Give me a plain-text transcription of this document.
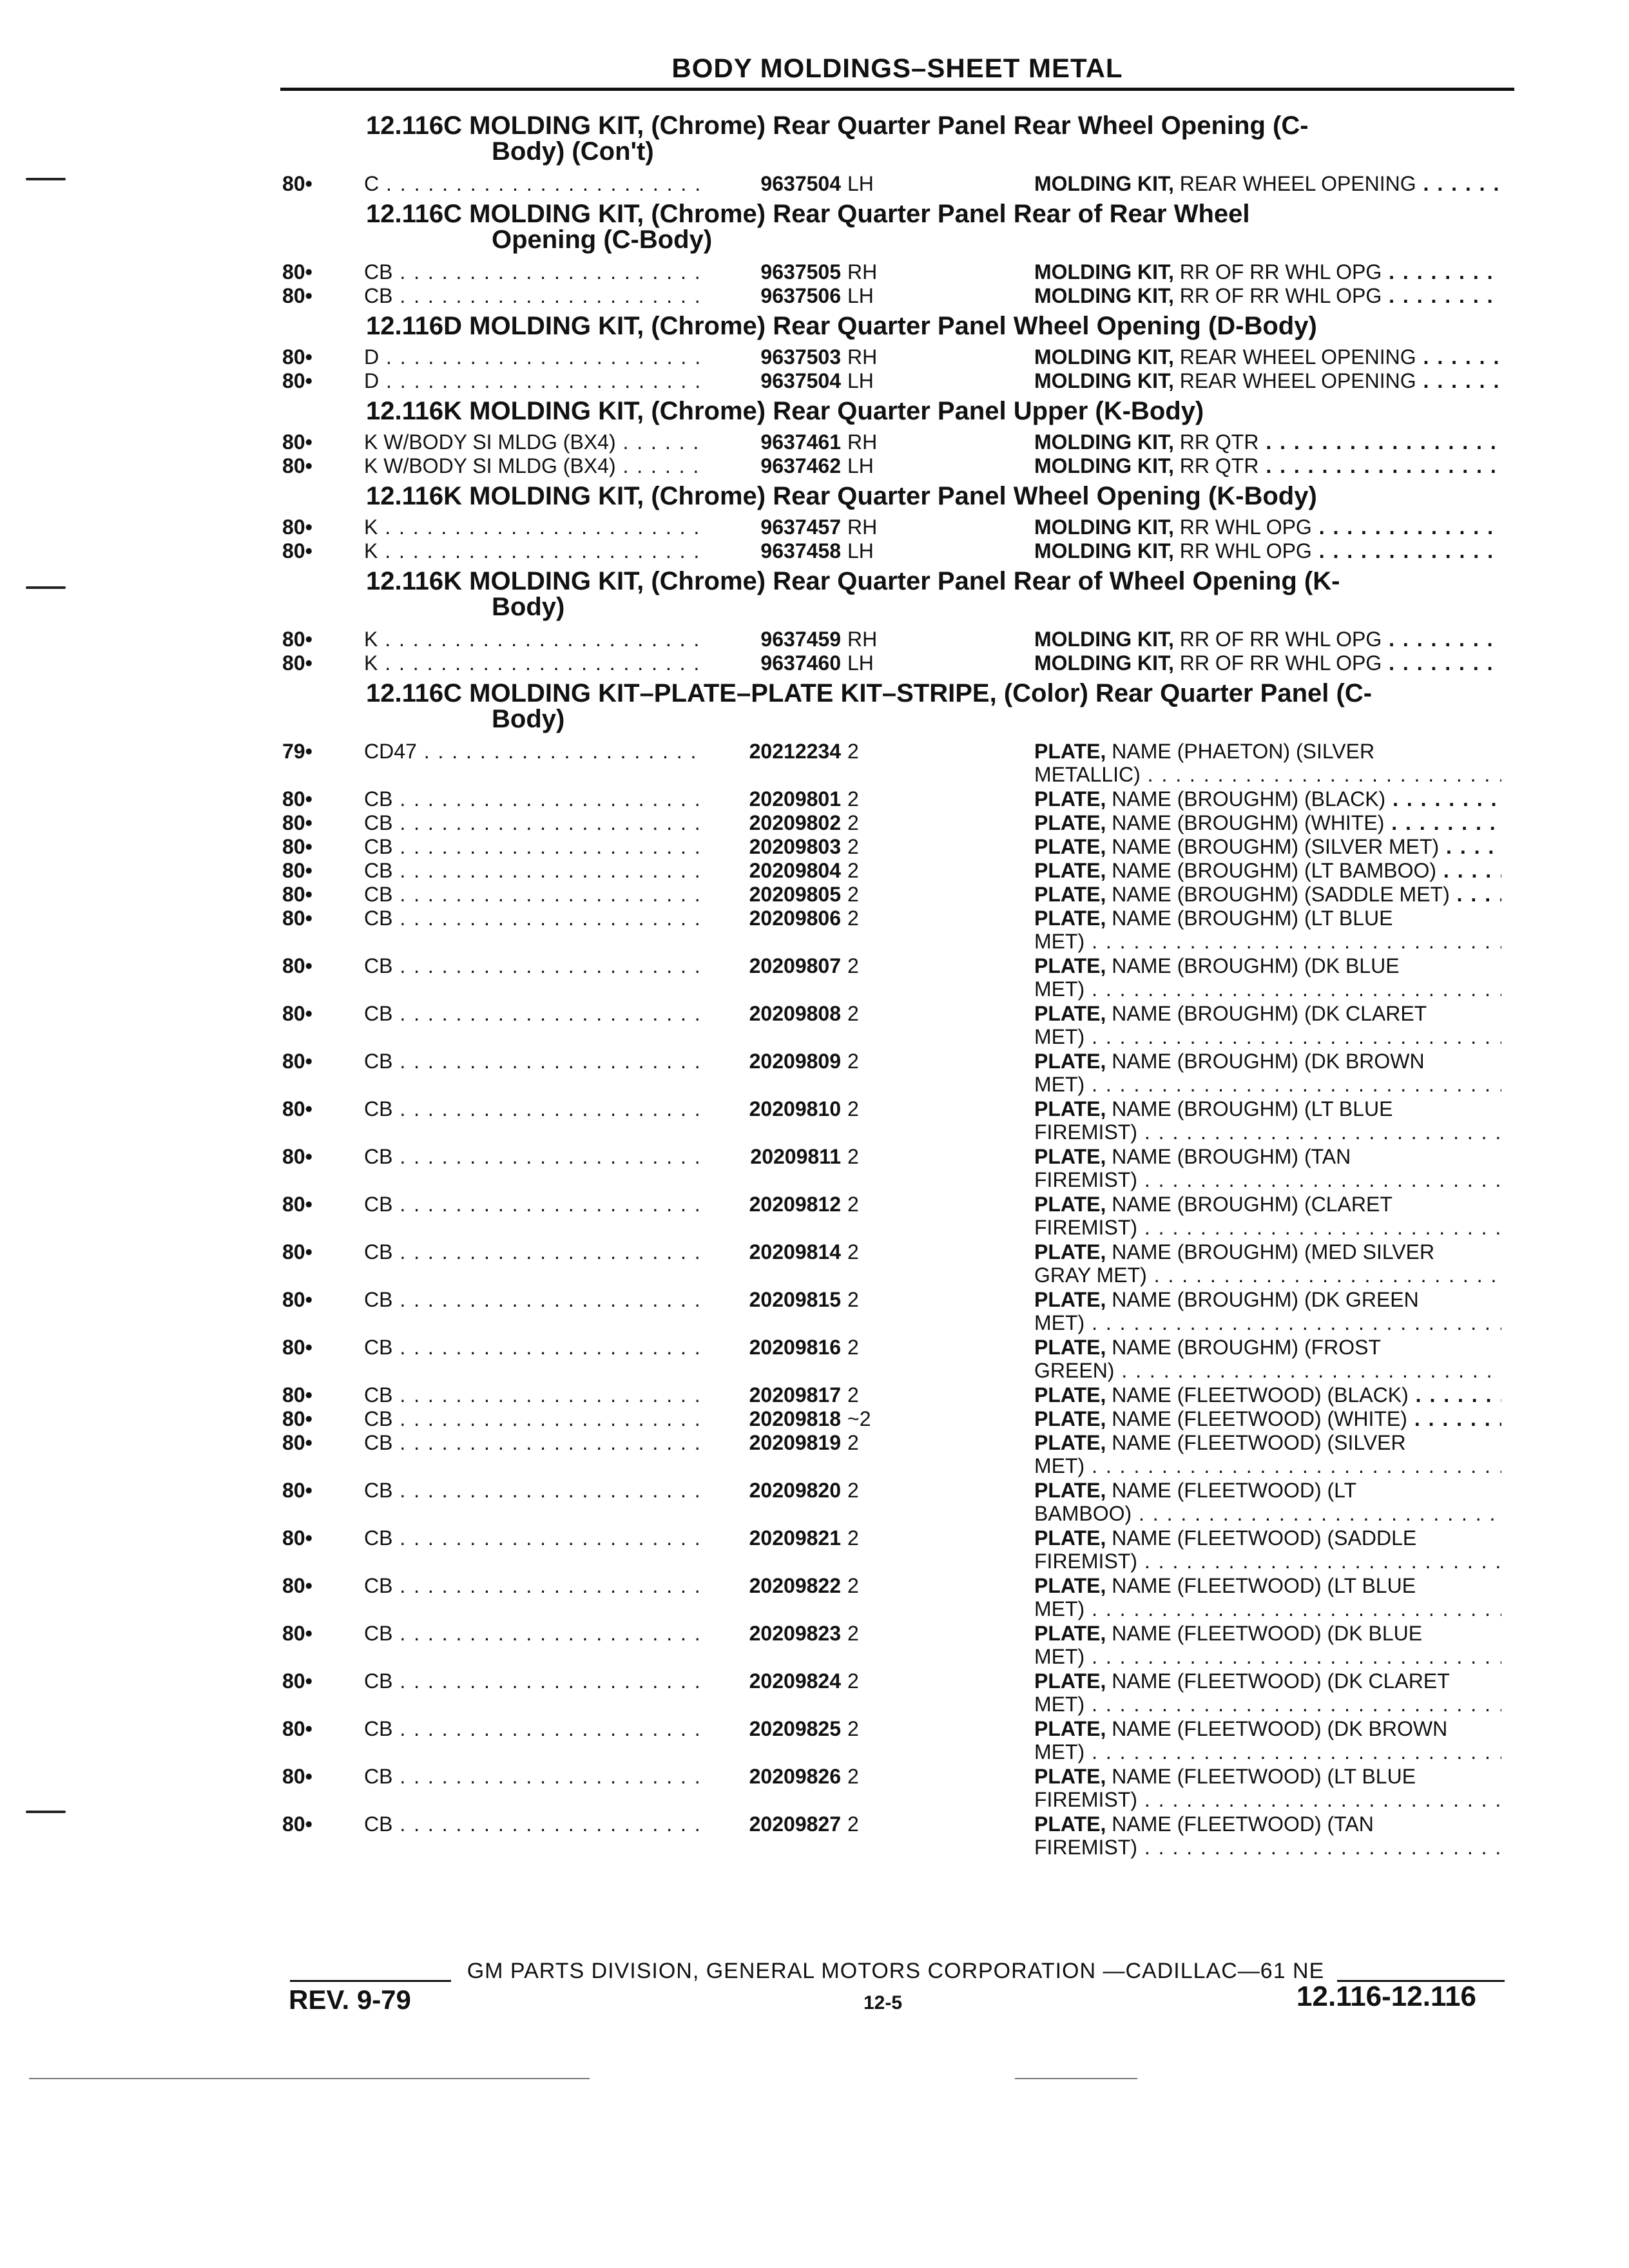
BODY MOLDINGS–SHEET METAL
12.116C MOLDING KIT, (Chrome) Rear Quarter Panel Rear Wheel Opening (C-
Body) (Con't)
80•	C . . .	9637504 LH	MOLDING KIT, REAR WHEEL OPENING . . .
12.116C MOLDING KIT, (Chrome) Rear Quarter Panel Rear of Rear Wheel
Opening (C-Body)
80•	CB . . .	9637505 RH	MOLDING KIT, RR OF RR WHL OPG . . .
80•	CB . . .	9637506 LH	MOLDING KIT, RR OF RR WHL OPG . . .
12.116D MOLDING KIT, (Chrome) Rear Quarter Panel Wheel Opening (D-Body)
80•	D . . .	9637503 RH	MOLDING KIT, REAR WHEEL OPENING . . .
80•	D . . .	9637504 LH	MOLDING KIT, REAR WHEEL OPENING . . .
12.116K MOLDING KIT, (Chrome) Rear Quarter Panel Upper (K-Body)
80•	K W/BODY SI MLDG (BX4) . . .	9637461 RH	MOLDING KIT, RR QTR . . .
80•	K W/BODY SI MLDG (BX4) . . .	9637462 LH	MOLDING KIT, RR QTR . . .
12.116K MOLDING KIT, (Chrome) Rear Quarter Panel Wheel Opening (K-Body)
80•	K . . .	9637457 RH	MOLDING KIT, RR WHL OPG . . .
80•	K . . .	9637458 LH	MOLDING KIT, RR WHL OPG . . .
12.116K MOLDING KIT, (Chrome) Rear Quarter Panel Rear of Wheel Opening (K-
Body)
80•	K . . .	9637459 RH	MOLDING KIT, RR OF RR WHL OPG . . .
80•	K . . .	9637460 LH	MOLDING KIT, RR OF RR WHL OPG . . .
12.116C MOLDING KIT–PLATE–PLATE KIT–STRIPE, (Color) Rear Quarter Panel (C-
Body)
79•	CD47 . . .	20212234 2	PLATE, NAME (PHAETON) (SILVER
METALLIC) . . .
80•	CB . . .	20209801 2	PLATE, NAME (BROUGHM) (BLACK) . . .
80•	CB . . .	20209802 2	PLATE, NAME (BROUGHM) (WHITE) . . .
80•	CB . . .	20209803 2	PLATE, NAME (BROUGHM) (SILVER MET) . . .
80•	CB . . .	20209804 2	PLATE, NAME (BROUGHM) (LT BAMBOO) . . .
80•	CB . . .	20209805 2	PLATE, NAME (BROUGHM) (SADDLE MET) . . .
80•	CB . . .	20209806 2	PLATE, NAME (BROUGHM) (LT BLUE
MET) . . .
80•	CB . . .	20209807 2	PLATE, NAME (BROUGHM) (DK BLUE
MET) . . .
80•	CB . . .	20209808 2	PLATE, NAME (BROUGHM) (DK CLARET
MET) . . .
80•	CB . . .	20209809 2	PLATE, NAME (BROUGHM) (DK BROWN
MET) . . .
80•	CB . . .	20209810 2	PLATE, NAME (BROUGHM) (LT BLUE
FIREMIST) . . .
80•	CB . . .	20209811 2	PLATE, NAME (BROUGHM) (TAN
FIREMIST) . . .
80•	CB . . .	20209812 2	PLATE, NAME (BROUGHM) (CLARET
FIREMIST) . . .
80•	CB . . .	20209814 2	PLATE, NAME (BROUGHM) (MED SILVER
GRAY MET) . . .
80•	CB . . .	20209815 2	PLATE, NAME (BROUGHM) (DK GREEN
MET) . . .
80•	CB . . .	20209816 2	PLATE, NAME (BROUGHM) (FROST
GREEN) . . .
80•	CB . . .	20209817 2	PLATE, NAME (FLEETWOOD) (BLACK) . . .
80•	CB . . .	20209818 ~2	PLATE, NAME (FLEETWOOD) (WHITE) . . .
80•	CB . . .	20209819 2	PLATE, NAME (FLEETWOOD) (SILVER
MET) . . .
80•	CB . . .	20209820 2	PLATE, NAME (FLEETWOOD) (LT
BAMBOO) . . .
80•	CB . . .	20209821 2	PLATE, NAME (FLEETWOOD) (SADDLE
FIREMIST) . . .
80•	CB . . .	20209822 2	PLATE, NAME (FLEETWOOD) (LT BLUE
MET) . . .
80•	CB . . .	20209823 2	PLATE, NAME (FLEETWOOD) (DK BLUE
MET) . . .
80•	CB . . .	20209824 2	PLATE, NAME (FLEETWOOD) (DK CLARET
MET) . . .
80•	CB . . .	20209825 2	PLATE, NAME (FLEETWOOD) (DK BROWN
MET) . . .
80•	CB . . .	20209826 2	PLATE, NAME (FLEETWOOD) (LT BLUE
FIREMIST) . . .
80•	CB . . .	20209827 2	PLATE, NAME (FLEETWOOD) (TAN
FIREMIST) . . .
GM PARTS DIVISION, GENERAL MOTORS CORPORATION —CADILLAC—61 NE
REV. 9-79	12-5	12.116-12.116
